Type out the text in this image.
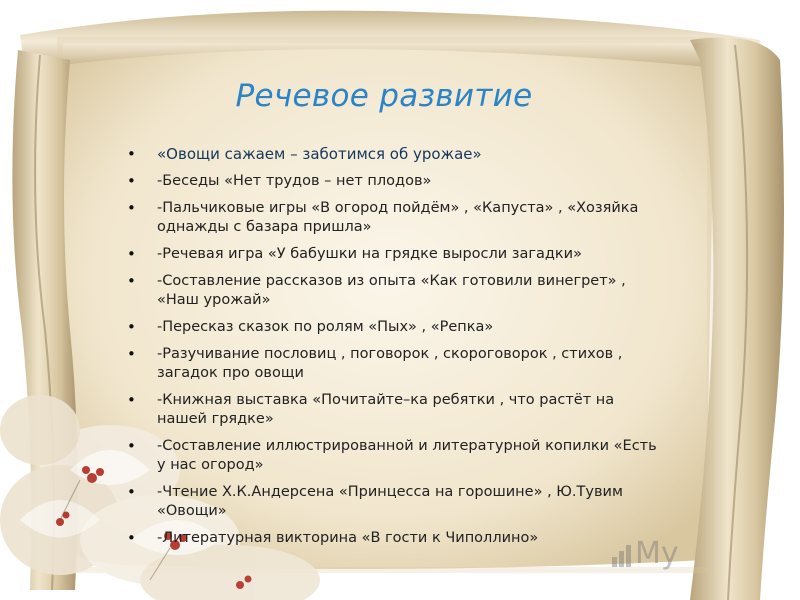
Речевое развитие
• «Овощи сажаем – заботимся об урожае»
• -Беседы «Нет трудов – нет плодов»
• -Пальчиковые игры «В огород пойдём» , «Капуста» , «Хозяйка однажды с базара пришла»
• -Речевая игра «У бабушки на грядке выросли загадки»
• -Составление рассказов из опыта «Как готовили винегрет» , «Наш урожай»
• -Пересказ сказок по ролям «Пых» , «Репка»
• -Разучивание пословиц , поговорок , скороговорок , стихов , загадок про овощи
• -Книжная выставка «Почитайте–ка ребятки , что растёт на нашей грядке»
• -Составление иллюстрированной и литературной копилки «Есть у нас огород»
• -Чтение Х.К.Андерсена «Принцесса на горошине» , Ю.Тувим «Овощи»
• -Литературная викторина «В гости к Чиполлино»	My
